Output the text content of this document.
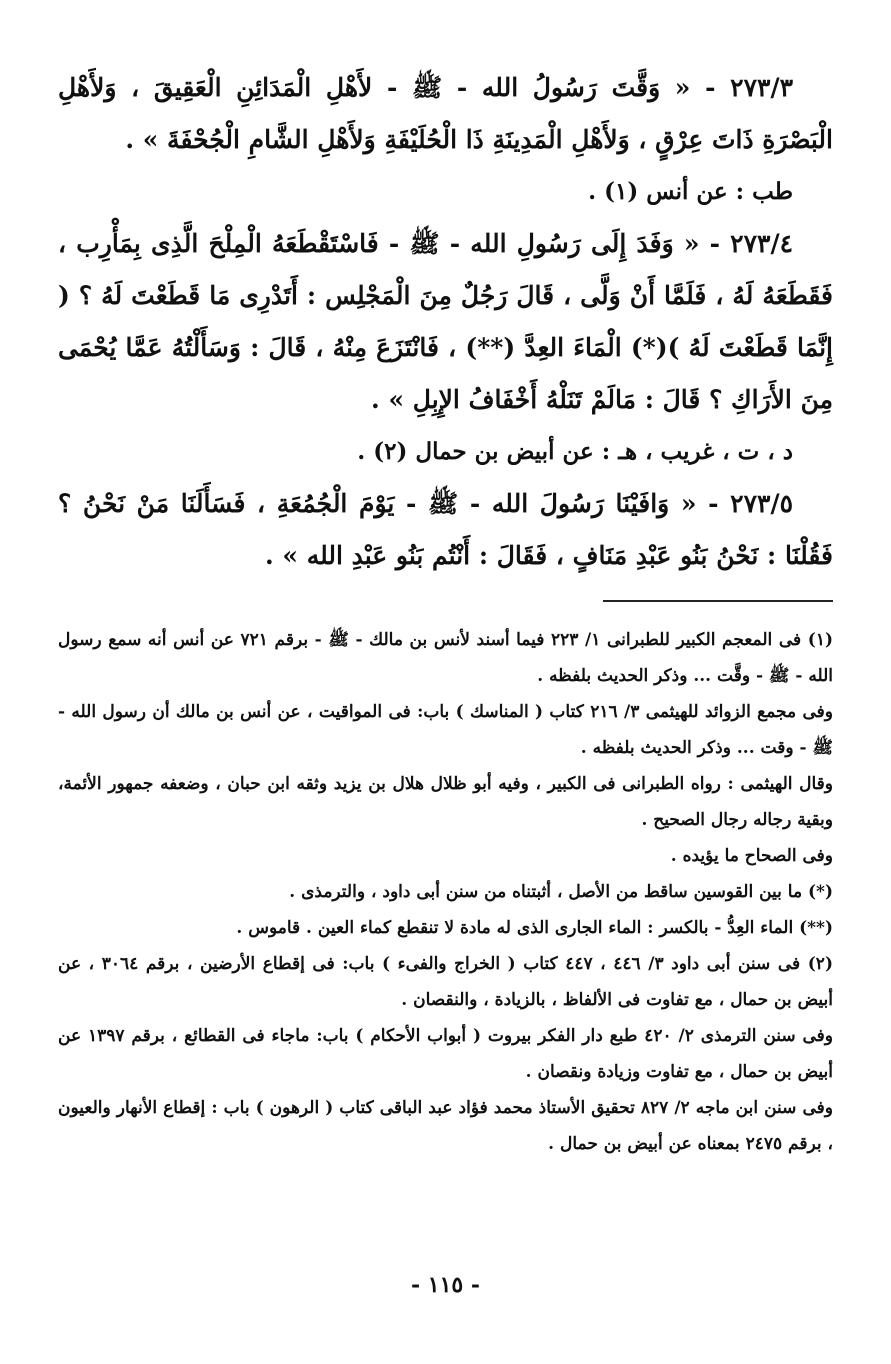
٢٧٣/٣ - « وَقَّتَ رَسُولُ الله - ﷺ - لأَهْلِ الْمَدَائِنِ الْعَقِيقَ ، وَلأَهْلِ الْبَصْرَةِ ذَاتَ عِرْقٍ ، وَلأَهْلِ الْمَدِينَةِ ذَا الْحُلَيْفَةِ وَلأَهْلِ الشَّامِ الْجُحْفَةَ » .

طب : عن أنس (١) .

٢٧٣/٤ - « وَفَدَ إِلَى رَسُولِ الله - ﷺ - فَاسْتَقْطَعَهُ الْمِلْحَ الَّذِى بِمَأْرِب ، فَقَطَعَهُ لَهُ ، فَلَمَّا أَنْ وَلَّى ، قَالَ رَجُلٌ مِنَ الْمَجْلِس : أَتَدْرِى مَا قَطَعْتَ لَهُ ؟ ( إِنَّمَا قَطَعْتَ لَهُ )(*) الْمَاءَ العِدَّ (**) ، فَانْتَزَعَ مِنْهُ ، قَالَ : وَسَأَلْتُهُ عَمَّا يُحْمَى مِنَ الأَرَاكِ ؟ قَالَ : مَالَمْ تَنَلْهُ أَخْفَافُ الإِبِلِ » .

د ، ت ، غريب ، هـ : عن أبيض بن حمال (٢) .

٢٧٣/٥ - « وَافَيْنَا رَسُولَ الله - ﷺ - يَوْمَ الْجُمُعَةِ ، فَسَأَلَنَا مَنْ نَحْنُ ؟ فَقُلْنَا : نَحْنُ بَنُو عَبْدِ مَنَافٍ ، فَقَالَ : أَنْتُم بَنُو عَبْدِ الله » .

(١) فى المعجم الكبير للطبرانى ١/ ٢٢٣ فيما أسند لأنس بن مالك - ﷺ - برقم ٧٢١ عن أنس أنه سمع رسول الله - ﷺ - وقَّت ... وذكر الحديث بلفظه .

وفى مجمع الزوائد للهيثمى ٣/ ٢١٦ كتاب ( المناسك ) باب: فى المواقيت ، عن أنس بن مالك أن رسول الله - ﷺ - وقت ... وذكر الحديث بلفظه .

وقال الهيثمى : رواه الطبرانى فى الكبير ، وفيه أبو ظلال هلال بن يزيد وثقه ابن حبان ، وضعفه جمهور الأئمة، وبقية رجاله رجال الصحيح .

وفى الصحاح ما يؤيده .

(*) ما بين القوسين ساقط من الأصل ، أثبتناه من سنن أبى داود ، والترمذى .

(**) الماء العِدُّ - بالكسر : الماء الجارى الذى له مادة لا تنقطع كماء العين . قاموس .

(٢) فى سنن أبى داود ٣/ ٤٤٦ ، ٤٤٧ كتاب ( الخراج والفىء ) باب: فى إقطاع الأرضين ، برقم ٣٠٦٤ ، عن أبيض بن حمال ، مع تفاوت فى الألفاظ ، بالزيادة ، والنقصان .

وفى سنن الترمذى ٢/ ٤٢٠ طبع دار الفكر بيروت ( أبواب الأحكام ) باب: ماجاء فى القطائع ، برقم ١٣٩٧ عن أبيض بن حمال ، مع تفاوت وزيادة ونقصان .

وفى سنن ابن ماجه ٢/ ٨٢٧ تحقيق الأستاذ محمد فؤاد عبد الباقى كتاب ( الرهون ) باب : إقطاع الأنهار والعيون ، برقم ٢٤٧٥ بمعناه عن أبيض بن حمال .

- ١١٥ -
